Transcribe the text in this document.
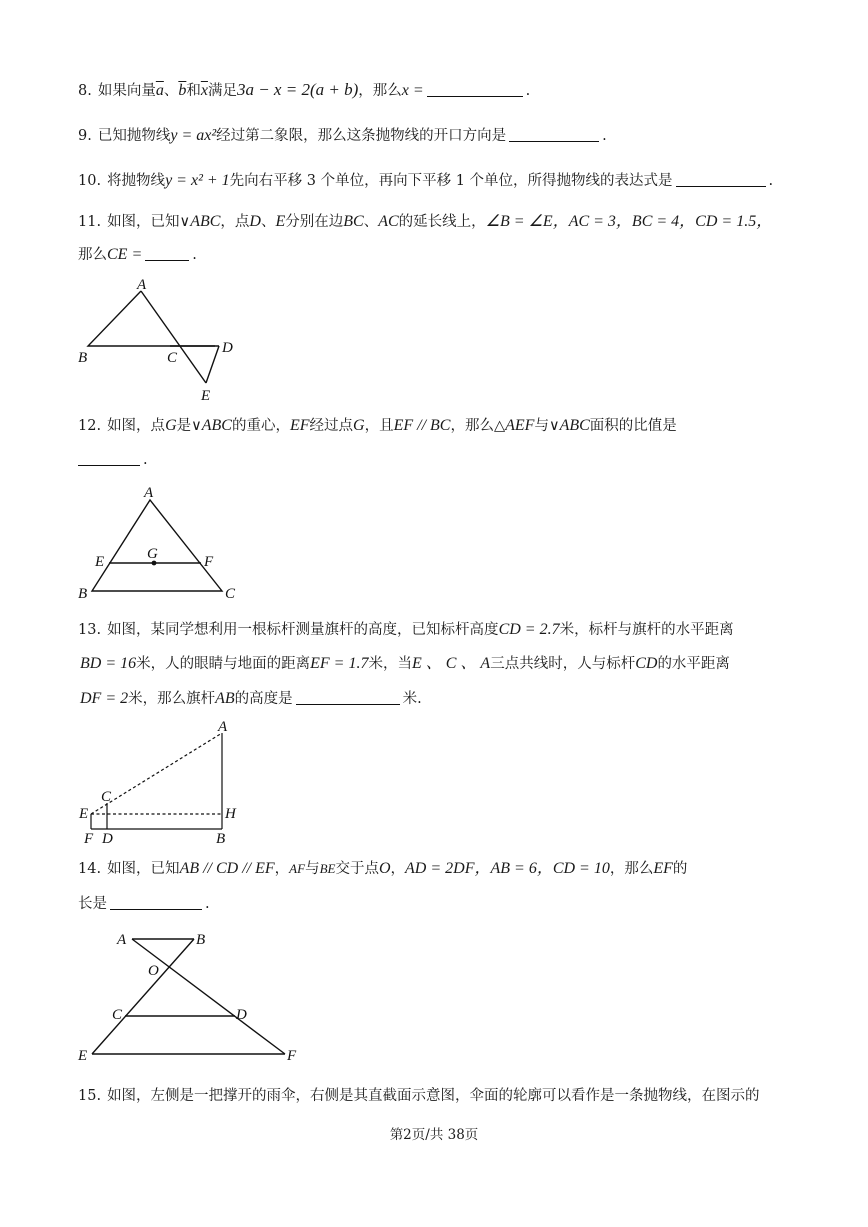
8. 如果向量$\overline{a}$、$\overline{b}$和$\overline{x}$满足3a − x = 2(a + b)，那么x =	.
9. 已知抛物线y = ax²经过第二象限，那么这条抛物线的开口方向是	.
10. 将抛物线y = x² + 1先向右平移 3 个单位，再向下平移 1 个单位，所得抛物线的表达式是	.
11. 如图，已知∨ABC，点D、E分别在边BC、AC的延长线上，∠B = ∠E，AC = 3，BC = 4，CD = 1.5，
那么CE =	.
12. 如图，点G是∨ABC的重心，EF经过点G，且EF // BC，那么△AEF与∨ABC面积的比值是
.
13. 如图，某同学想利用一根标杆测量旗杆的高度，已知标杆高度CD = 2.7米，标杆与旗杆的水平距离
BD = 16米，人的眼睛与地面的距离EF = 1.7米，当E 、 C 、 A三点共线时，人与标杆CD的水平距离
DF = 2米，那么旗杆AB的高度是	米.
14. 如图，已知AB // CD // EF，AF与BE交于点O，AD = 2DF，AB = 6，CD = 10，那么EF的
长是	.
15. 如图，左侧是一把撑开的雨伞，右侧是其直截面示意图，伞面的轮廓可以看作是一条抛物线，在图示的
A
B	C
D
E
A
B	C
E	F
G
A
C
E	H
F D	B
A	B
O
C	D
E	F
第2页/共 38页
